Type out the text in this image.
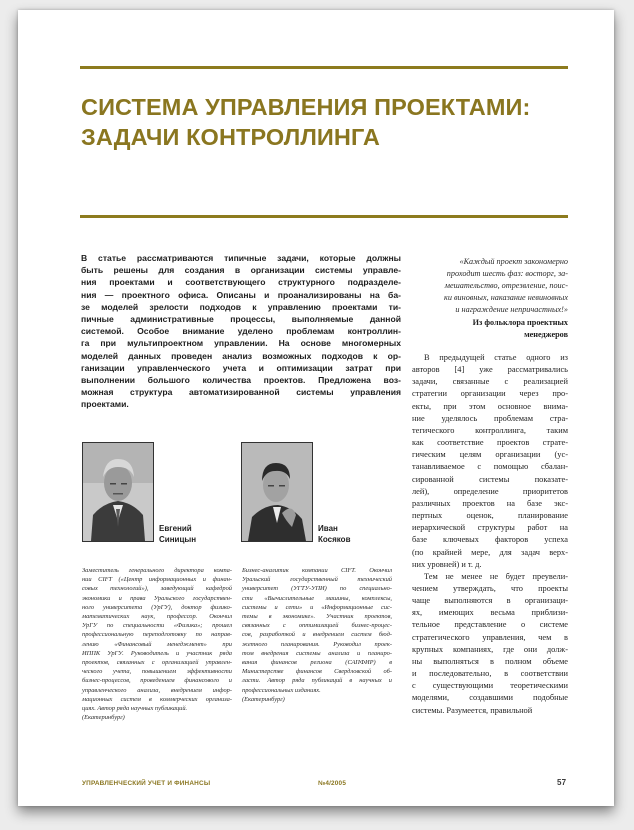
СИСТЕМА УПРАВЛЕНИЯ ПРОЕКТАМИ:
ЗАДАЧИ КОНТРОЛЛИНГА
В статье рассматриваются типичные задачи, которые должны
быть решены для создания в организации системы управле-
ния проектами и соответствующего структурного подразделе-
ния — проектного офиса. Описаны и проанализированы на ба-
зе моделей зрелости подходов к управлению проектами ти-
пичные административные процессы, выполняемые данной
системой. Особое внимание уделено проблемам контроллин-
га при мультипроектном управлении. На основе многомерных
моделей данных проведен анализ возможных подходов к ор-
ганизации управленческого учета и оптимизации затрат при
выполнении большого количества проектов. Предложена воз-
можная структура автоматизированной системы управления
проектами.
Евгений
Синицын
Иван
Косяков
Заместитель генерального директора компа-
нии CIFT («Центр информационных и финан-
совых технологий»), заведующий кафедрой
экономики и права Уральского государствен-
ного университета (УрГУ), доктор физико-
математических наук, профессор. Окончил
УрГУ по специальности «Физика»; прошел
профессиональную переподготовку по направ-
лению «Финансовый менеджмент» при
ИППК УрГУ. Руководитель и участник ряда
проектов, связанных с организацией управлен-
ческого учета, повышением эффективности
бизнес-процессов, проведением финансового и
управленческого анализа, внедрением инфор-
мационных систем в коммерческих организа-
циях. Автор ряда научных публикаций.
(Екатеринбург)
Бизнес-аналитик компании CIFT. Окончил
Уральский государственный технический
университет (УГТУ-УПИ) по специально-
сти «Вычислительные машины, комплексы,
системы и сети» и «Информационные сис-
темы в экономике». Участник проектов,
связанных с оптимизацией бизнес-процес-
сов, разработкой и внедрением систем бюд-
жетного планирования. Руководил проек-
том внедрения системы анализа и планиро-
вания финансов региона (САПФИР) в
Министерстве финансов Свердловской об-
ласти. Автор ряда публикаций в научных и
профессиональных изданиях.
(Екатеринбург)
«Каждый проект закономерно
проходит шесть фаз: восторг, за-
мешательство, отрезвление, поис-
ки виновных, наказание невиновных
и награждение непричастных!»
Из фольклора проектных
менеджеров
В предыдущей статье одного из
авторов [4] уже рассматривались
задачи, связанные с реализацией
стратегии организации через про-
екты, при этом основное внима-
ние уделялось проблемам стра-
тегического контроллинга, таким
как соответствие проектов страте-
гическим целям организации (ус-
танавливаемое с помощью сбалан-
сированной системы показате-
лей), определение приоритетов
различных проектов на базе экс-
пертных оценок, планирование
иерархической структуры работ на
базе ключевых факторов успеха
(по крайней мере, для задач верх-
них уровней) и т. д.
Тем не менее не будет преувели-
чением утверждать, что проекты
чаще выполняются в организаци-
ях, имеющих весьма приблизи-
тельное представление о системе
стратегического управления, чем в
крупных компаниях, где они долж-
ны выполняться в полном объеме
и последовательно, в соответствии
с существующими теоретическими
моделями, создавшими подобные
системы. Разумеется, правильной
УПРАВЛЕНЧЕСКИЙ УЧЕТ И ФИНАНСЫ	№4/2005	57
